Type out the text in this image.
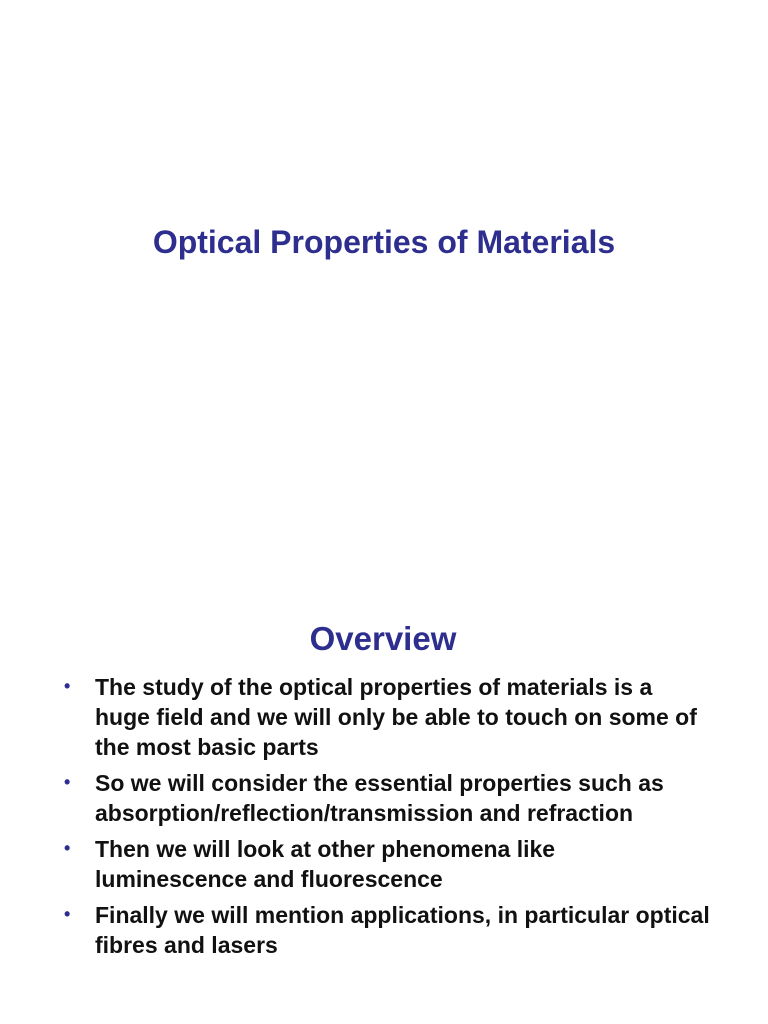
Optical Properties of Materials
Overview
• The study of the optical properties of materials is a huge field and we will only be able to touch on some of the most basic parts
• So we will consider the essential properties such as absorption/reflection/transmission and refraction
• Then we will look at other phenomena like luminescence and fluorescence
• Finally we will mention applications, in particular optical fibres and lasers
